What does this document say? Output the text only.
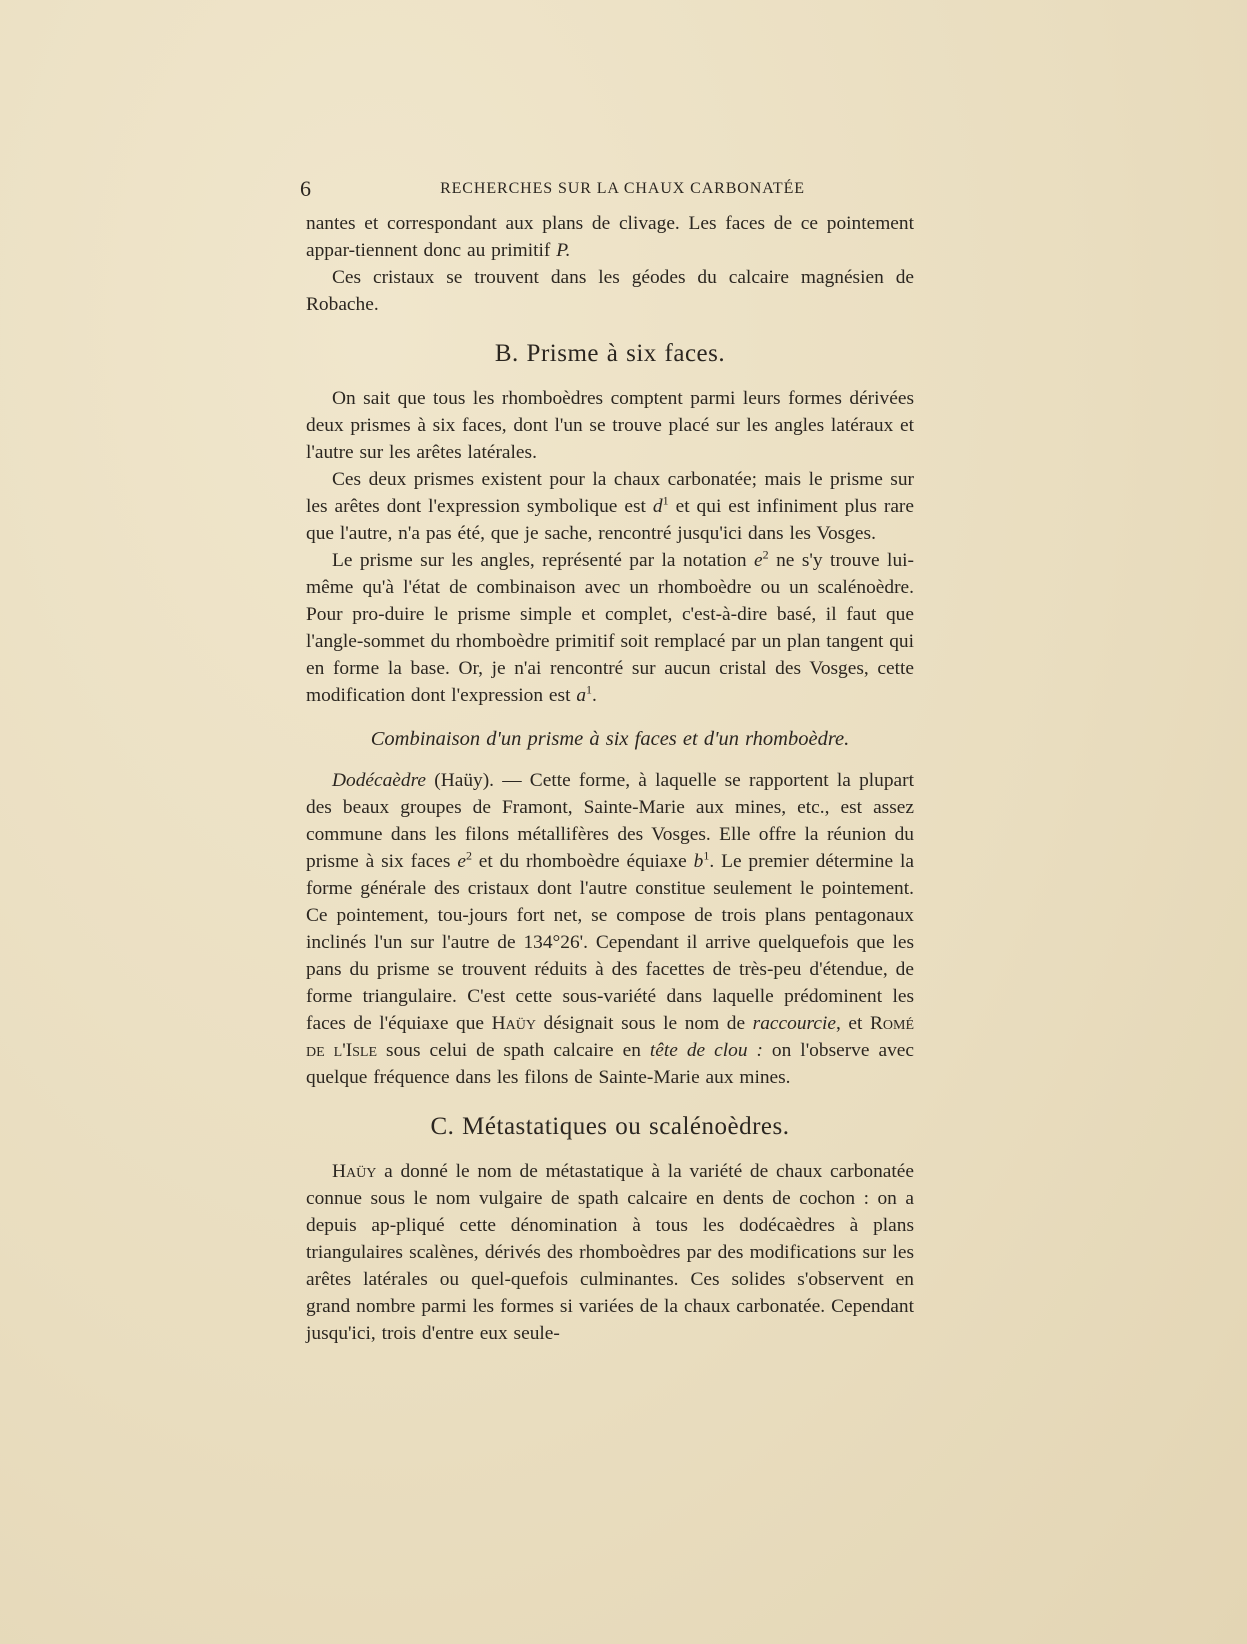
6	RECHERCHES SUR LA CHAUX CARBONATÉE

nantes et correspondant aux plans de clivage. Les faces de ce pointement appar-tiennent donc au primitif P.

Ces cristaux se trouvent dans les géodes du calcaire magnésien de Robache.

B. Prisme à six faces.

On sait que tous les rhomboèdres comptent parmi leurs formes dérivées deux prismes à six faces, dont l'un se trouve placé sur les angles latéraux et l'autre sur les arêtes latérales.

Ces deux prismes existent pour la chaux carbonatée; mais le prisme sur les arêtes dont l'expression symbolique est $d^1$ et qui est infiniment plus rare que l'autre, n'a pas été, que je sache, rencontré jusqu'ici dans les Vosges.

Le prisme sur les angles, représenté par la notation $e^2$ ne s'y trouve lui-même qu'à l'état de combinaison avec un rhomboèdre ou un scalénoèdre. Pour pro-duire le prisme simple et complet, c'est-à-dire basé, il faut que l'angle-sommet du rhomboèdre primitif soit remplacé par un plan tangent qui en forme la base. Or, je n'ai rencontré sur aucun cristal des Vosges, cette modification dont l'expression est $a^1$.

Combinaison d'un prisme à six faces et d'un rhomboèdre.

Dodécaèdre (Haüy). — Cette forme, à laquelle se rapportent la plupart des beaux groupes de Framont, Sainte-Marie aux mines, etc., est assez commune dans les filons métallifères des Vosges. Elle offre la réunion du prisme à six faces $e^2$ et du rhomboèdre équiaxe $b^1$. Le premier détermine la forme générale des cristaux dont l'autre constitue seulement le pointement. Ce pointement, tou-jours fort net, se compose de trois plans pentagonaux inclinés l'un sur l'autre de 134°26'. Cependant il arrive quelquefois que les pans du prisme se trouvent réduits à des facettes de très-peu d'étendue, de forme triangulaire. C'est cette sous-variété dans laquelle prédominent les faces de l'équiaxe que Haüy désignait sous le nom de raccourcie, et Romé de l'Isle sous celui de spath calcaire en tête de clou : on l'observe avec quelque fréquence dans les filons de Sainte-Marie aux mines.

C. Métastatiques ou scalénoèdres.

Haüy a donné le nom de métastatique à la variété de chaux carbonatée connue sous le nom vulgaire de spath calcaire en dents de cochon : on a depuis ap-pliqué cette dénomination à tous les dodécaèdres à plans triangulaires scalènes, dérivés des rhomboèdres par des modifications sur les arêtes latérales ou quel-quefois culminantes. Ces solides s'observent en grand nombre parmi les formes si variées de la chaux carbonatée. Cependant jusqu'ici, trois d'entre eux seule-
